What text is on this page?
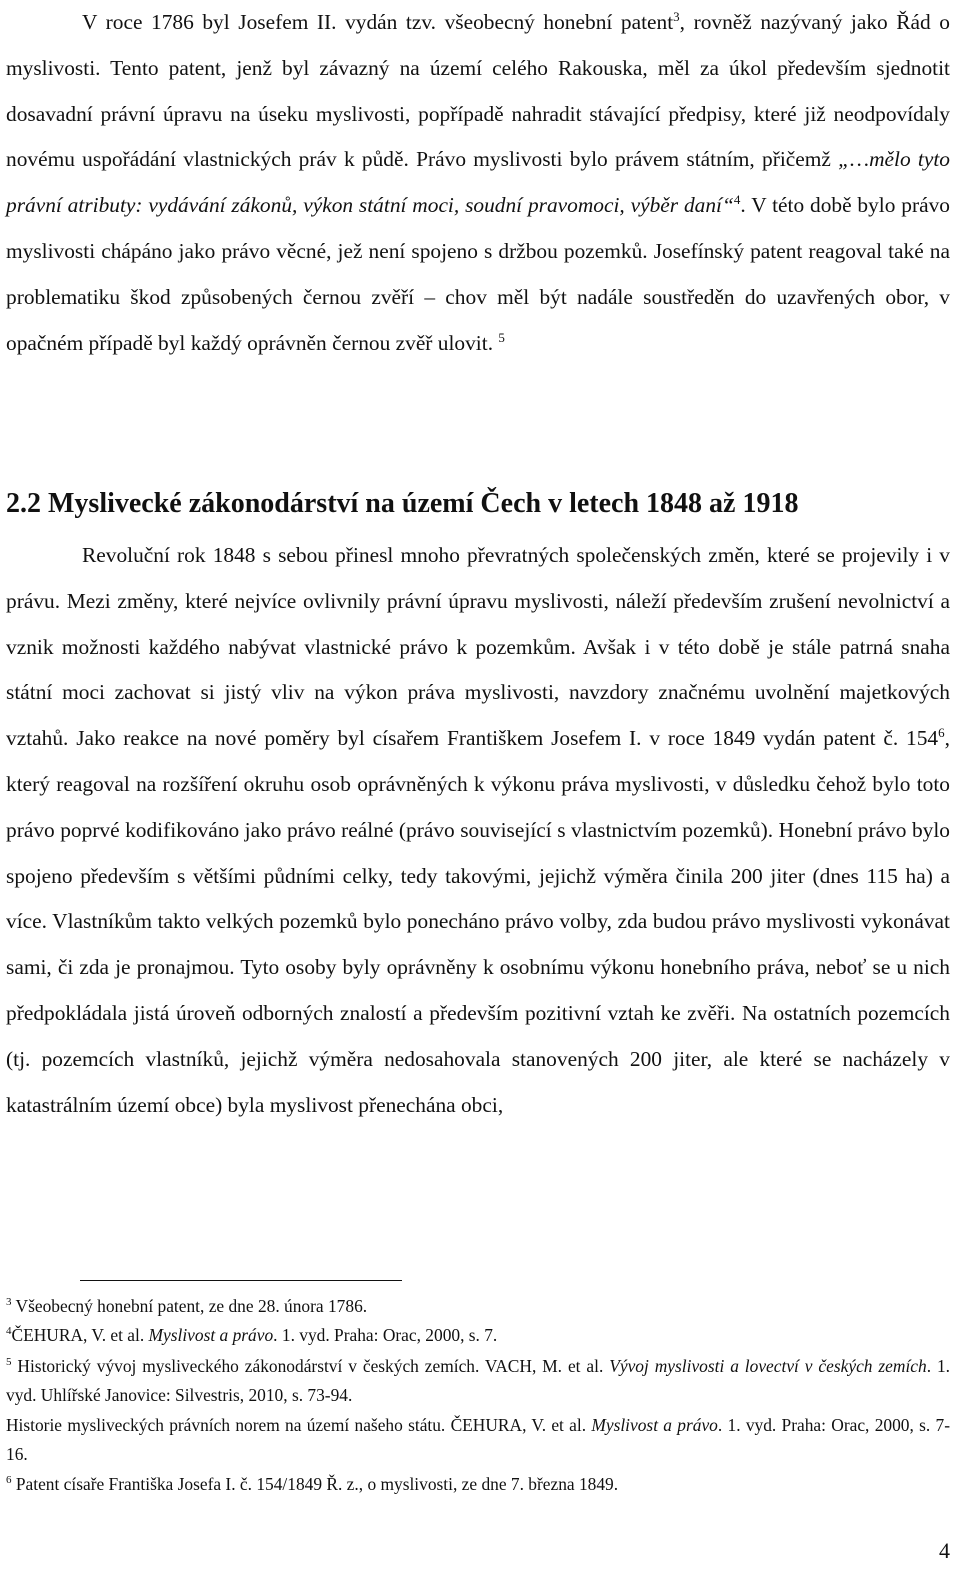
V roce 1786 byl Josefem II. vydán tzv. všeobecný honební patent$^3$, rovněž nazývaný jako Řád o myslivosti. Tento patent, jenž byl závazný na území celého Rakouska, měl za úkol především sjednotit dosavadní právní úpravu na úseku myslivosti, popřípadě nahradit stávající předpisy, které již neodpovídaly novému uspořádání vlastnických práv k půdě. Právo myslivosti bylo právem státním, přičemž „…mělo tyto právní atributy: vydávání zákonů, výkon státní moci, soudní pravomoci, výběr daní“$^4$. V této době bylo právo myslivosti chápáno jako právo věcné, jež není spojeno s držbou pozemků. Josefínský patent reagoval také na problematiku škod způsobených černou zvěří – chov měl být nadále soustředěn do uzavřených obor, v opačném případě byl každý oprávněn černou zvěř ulovit. $^5$

2.2 Myslivecké zákonodárství na území Čech v letech 1848 až 1918

Revoluční rok 1848 s sebou přinesl mnoho převratných společenských změn, které se projevily i v právu. Mezi změny, které nejvíce ovlivnily právní úpravu myslivosti, náleží především zrušení nevolnictví a vznik možnosti každého nabývat vlastnické právo k pozemkům. Avšak i v této době je stále patrná snaha státní moci zachovat si jistý vliv na výkon práva myslivosti, navzdory značnému uvolnění majetkových vztahů. Jako reakce na nové poměry byl císařem Františkem Josefem I. v roce 1849 vydán patent č. $154^6$, který reagoval na rozšíření okruhu osob oprávněných k výkonu práva myslivosti, v důsledku čehož bylo toto právo poprvé kodifikováno jako právo reálné (právo související s vlastnictvím pozemků). Honební právo bylo spojeno především s většími půdními celky, tedy takovými, jejichž výměra činila 200 jiter (dnes 115 ha) a více. Vlastníkům takto velkých pozemků bylo ponecháno právo volby, zda budou právo myslivosti vykonávat sami, či zda je pronajmou. Tyto osoby byly oprávněny k osobnímu výkonu honebního práva, neboť se u nich předpokládala jistá úroveň odborných znalostí a především pozitivní vztah ke zvěři. Na ostatních pozemcích (tj. pozemcích vlastníků, jejichž výměra nedosahovala stanovených 200 jiter, ale které se nacházely v katastrálním území obce) byla myslivost přenechána obci,

$^3$ Všeobecný honební patent, ze dne 28. února 1786.

$^4$ČEHURA, V. et al. Myslivost a právo. 1. vyd. Praha: Orac, 2000, s. 7.

$^5$ Historický vývoj mysliveckého zákonodárství v českých zemích. VACH, M. et al. Vývoj myslivosti a lovectví v českých zemích. 1. vyd. Uhlířské Janovice: Silvestris, 2010, s. 73-94.

Historie mysliveckých právních norem na území našeho státu. ČEHURA, V. et al. Myslivost a právo. 1. vyd. Praha: Orac, 2000, s. 7-16.

$^6$ Patent císaře Františka Josefa I. č. 154/1849 Ř. z., o myslivosti, ze dne 7. března 1849.

4
